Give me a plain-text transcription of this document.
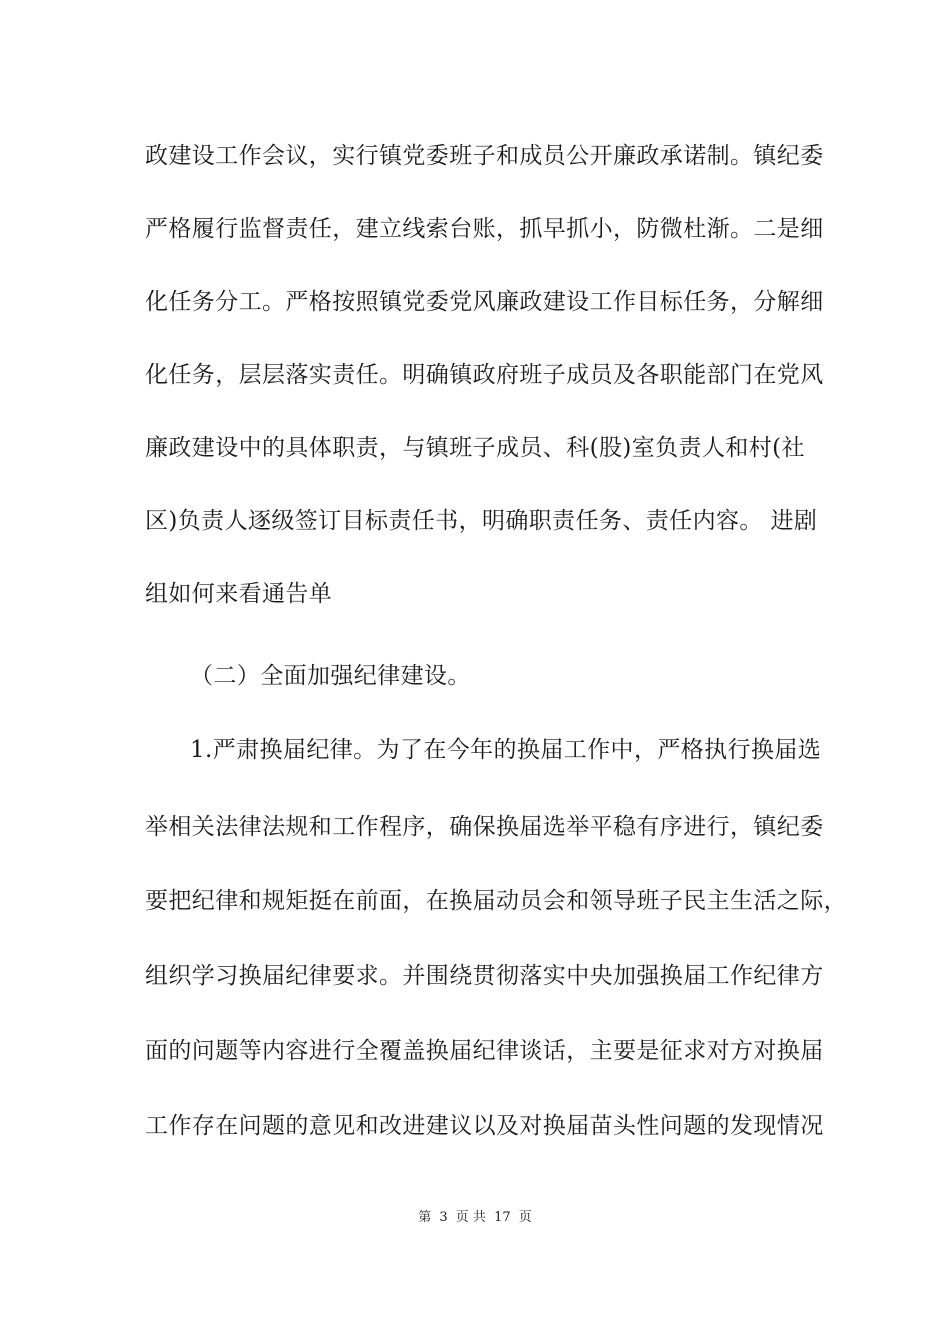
政建设工作会议，实行镇党委班子和成员公开廉政承诺制。镇纪委
严格履行监督责任，建立线索台账，抓早抓小，防微杜渐。二是细
化任务分工。严格按照镇党委党风廉政建设工作目标任务，分解细
化任务，层层落实责任。明确镇政府班子成员及各职能部门在党风
廉政建设中的具体职责，与镇班子成员、科(股)室负责人和村(社
区)负责人逐级签订目标责任书，明确职责任务、责任内容。 进剧
组如何来看通告单
（二）全面加强纪律建设。
1.严肃换届纪律。为了在今年的换届工作中，严格执行换届选
举相关法律法规和工作程序，确保换届选举平稳有序进行，镇纪委
要把纪律和规矩挺在前面，在换届动员会和领导班子民主生活之际，
组织学习换届纪律要求。并围绕贯彻落实中央加强换届工作纪律方
面的问题等内容进行全覆盖换届纪律谈话，主要是征求对方对换届
工作存在问题的意见和改进建议以及对换届苗头性问题的发现情况
第 3 页 共 17 页
